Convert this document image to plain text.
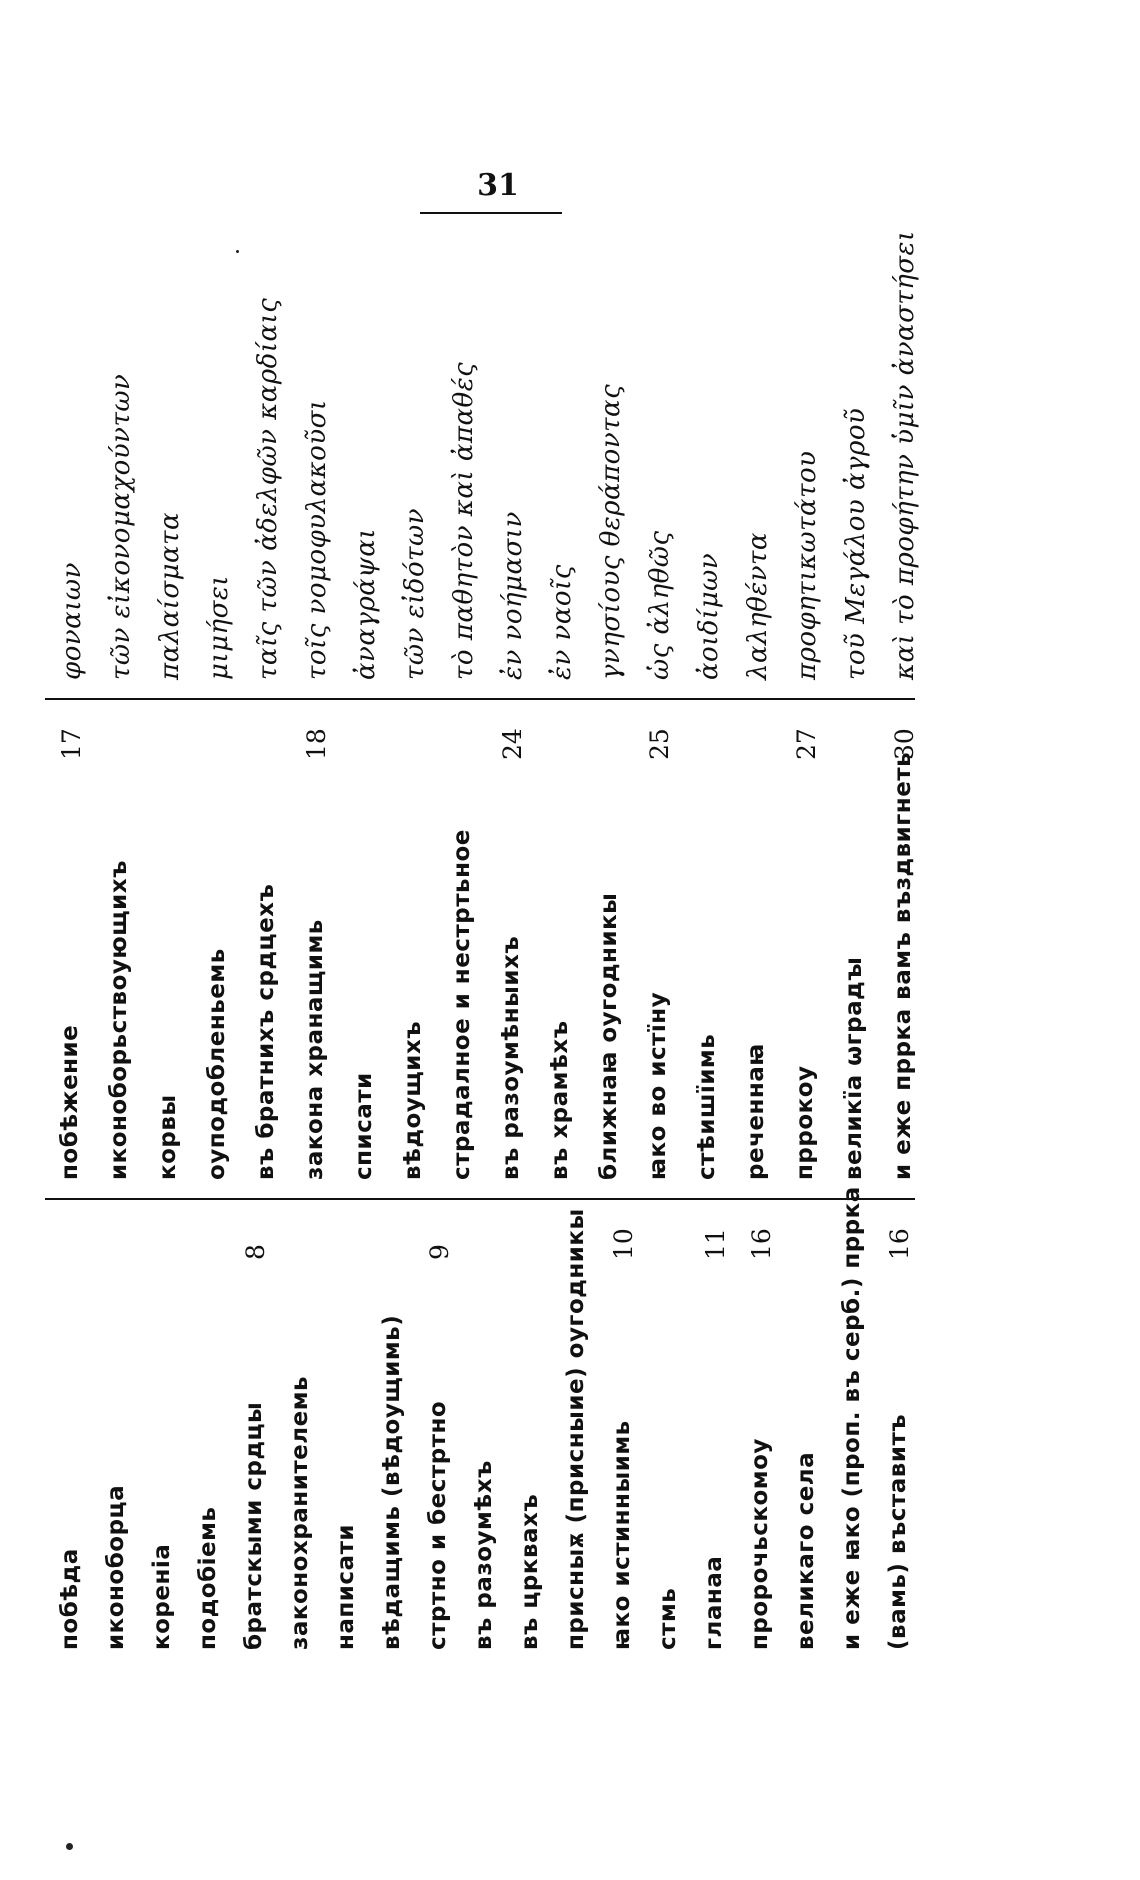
31
побѣда иконоборца кореніа подобіемь братскыми срдцы
8
законохранителемь написати вѣдащимь (вѣдоущимь) стртно и бестртно
9
въ разоумѣхъ въ црквахъ присныѫ (присныие) оугодникы ꙗко истинныимь
10
стмь гланаа
11
пророчьскомоу
16
великаго села и еже ꙗко (проп. въ серб.) пррка (вамь) въставитъ
16
побѣжение
17
иконоборьствоующихъ корвы оуподобленьемь въ братнихъ срдцехъ закона хранащимь
18
списати вѣдоущихъ страдалное и нестртьное въ разоумѣныихъ
24
въ храмѣхъ ближнаꙗ оугодникы ꙗко во истїну
25
стѣишїимь реченнаꙗ пррокоу
27
великїа ѡградꙑ и еже пррка вамъ въздвигнеть
30
φοναιων τῶν εἰκονομαχούντων παλαίσματα μιμήσει ταῖς τῶν ἀδελφῶν καρδίαις τοῖς νομοφυλακοῦσι ἀναγράψαι τῶν εἰδότων τὸ παθητὸν καὶ ἀπαθές ἐν νοήμασιν ἐν ναοῖς γνησίους θεράποντας ὡς ἀληθῶς ἀοιδίμων λαληθέντα προφητικωτάτου τοῦ Μεγάλου ἀγροῦ καὶ τὸ προφήτην ὑμῖν ἀναστήσει
